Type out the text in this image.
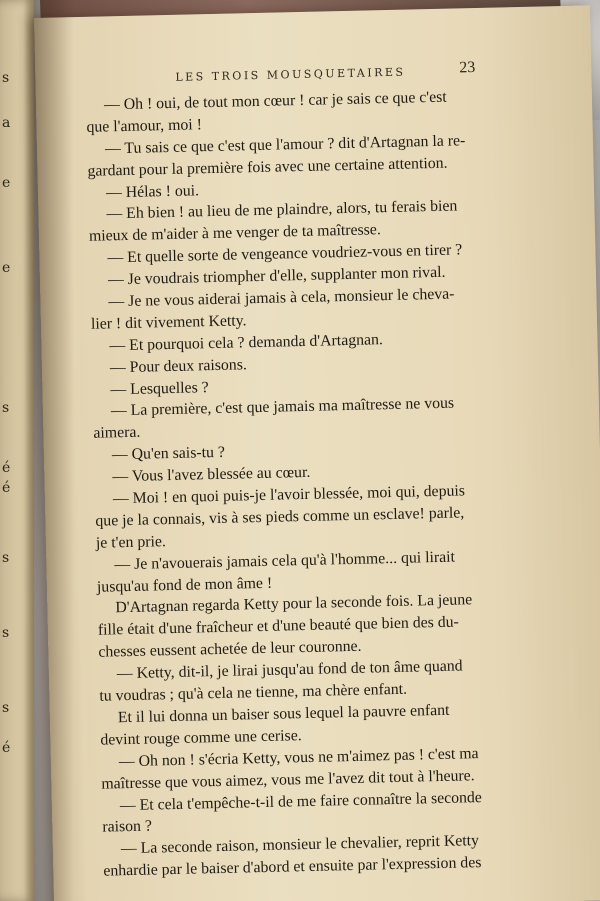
s
a
e
e
s
é
é
s
s
s
é
LES TROIS MOUSQUETAIRES	23
— Oh ! oui, de tout mon cœur ! car je sais ce que c'est
que l'amour, moi !
— Tu sais ce que c'est que l'amour ? dit d'Artagnan la re-
gardant pour la première fois avec une certaine attention.
— Hélas ! oui.
— Eh bien ! au lieu de me plaindre, alors, tu ferais bien
mieux de m'aider à me venger de ta maîtresse.
— Et quelle sorte de vengeance voudriez-vous en tirer ?
— Je voudrais triompher d'elle, supplanter mon rival.
— Je ne vous aiderai jamais à cela, monsieur le cheva-
lier ! dit vivement Ketty.
— Et pourquoi cela ? demanda d'Artagnan.
— Pour deux raisons.
— Lesquelles ?
— La première, c'est que jamais ma maîtresse ne vous
aimera.
— Qu'en sais-tu ?
— Vous l'avez blessée au cœur.
— Moi ! en quoi puis-je l'avoir blessée, moi qui, depuis
que je la connais, vis à ses pieds comme un esclave! parle,
je t'en prie.
— Je n'avouerais jamais cela qu'à l'homme... qui lirait
jusqu'au fond de mon âme !
D'Artagnan regarda Ketty pour la seconde fois. La jeune
fille était d'une fraîcheur et d'une beauté que bien des du-
chesses eussent achetée de leur couronne.
— Ketty, dit-il, je lirai jusqu'au fond de ton âme quand
tu voudras ; qu'à cela ne tienne, ma chère enfant.
Et il lui donna un baiser sous lequel la pauvre enfant
devint rouge comme une cerise.
— Oh non ! s'écria Ketty, vous ne m'aimez pas ! c'est ma
maîtresse que vous aimez, vous me l'avez dit tout à l'heure.
— Et cela t'empêche-t-il de me faire connaître la seconde
raison ?
— La seconde raison, monsieur le chevalier, reprit Ketty
enhardie par le baiser d'abord et ensuite par l'expression des
